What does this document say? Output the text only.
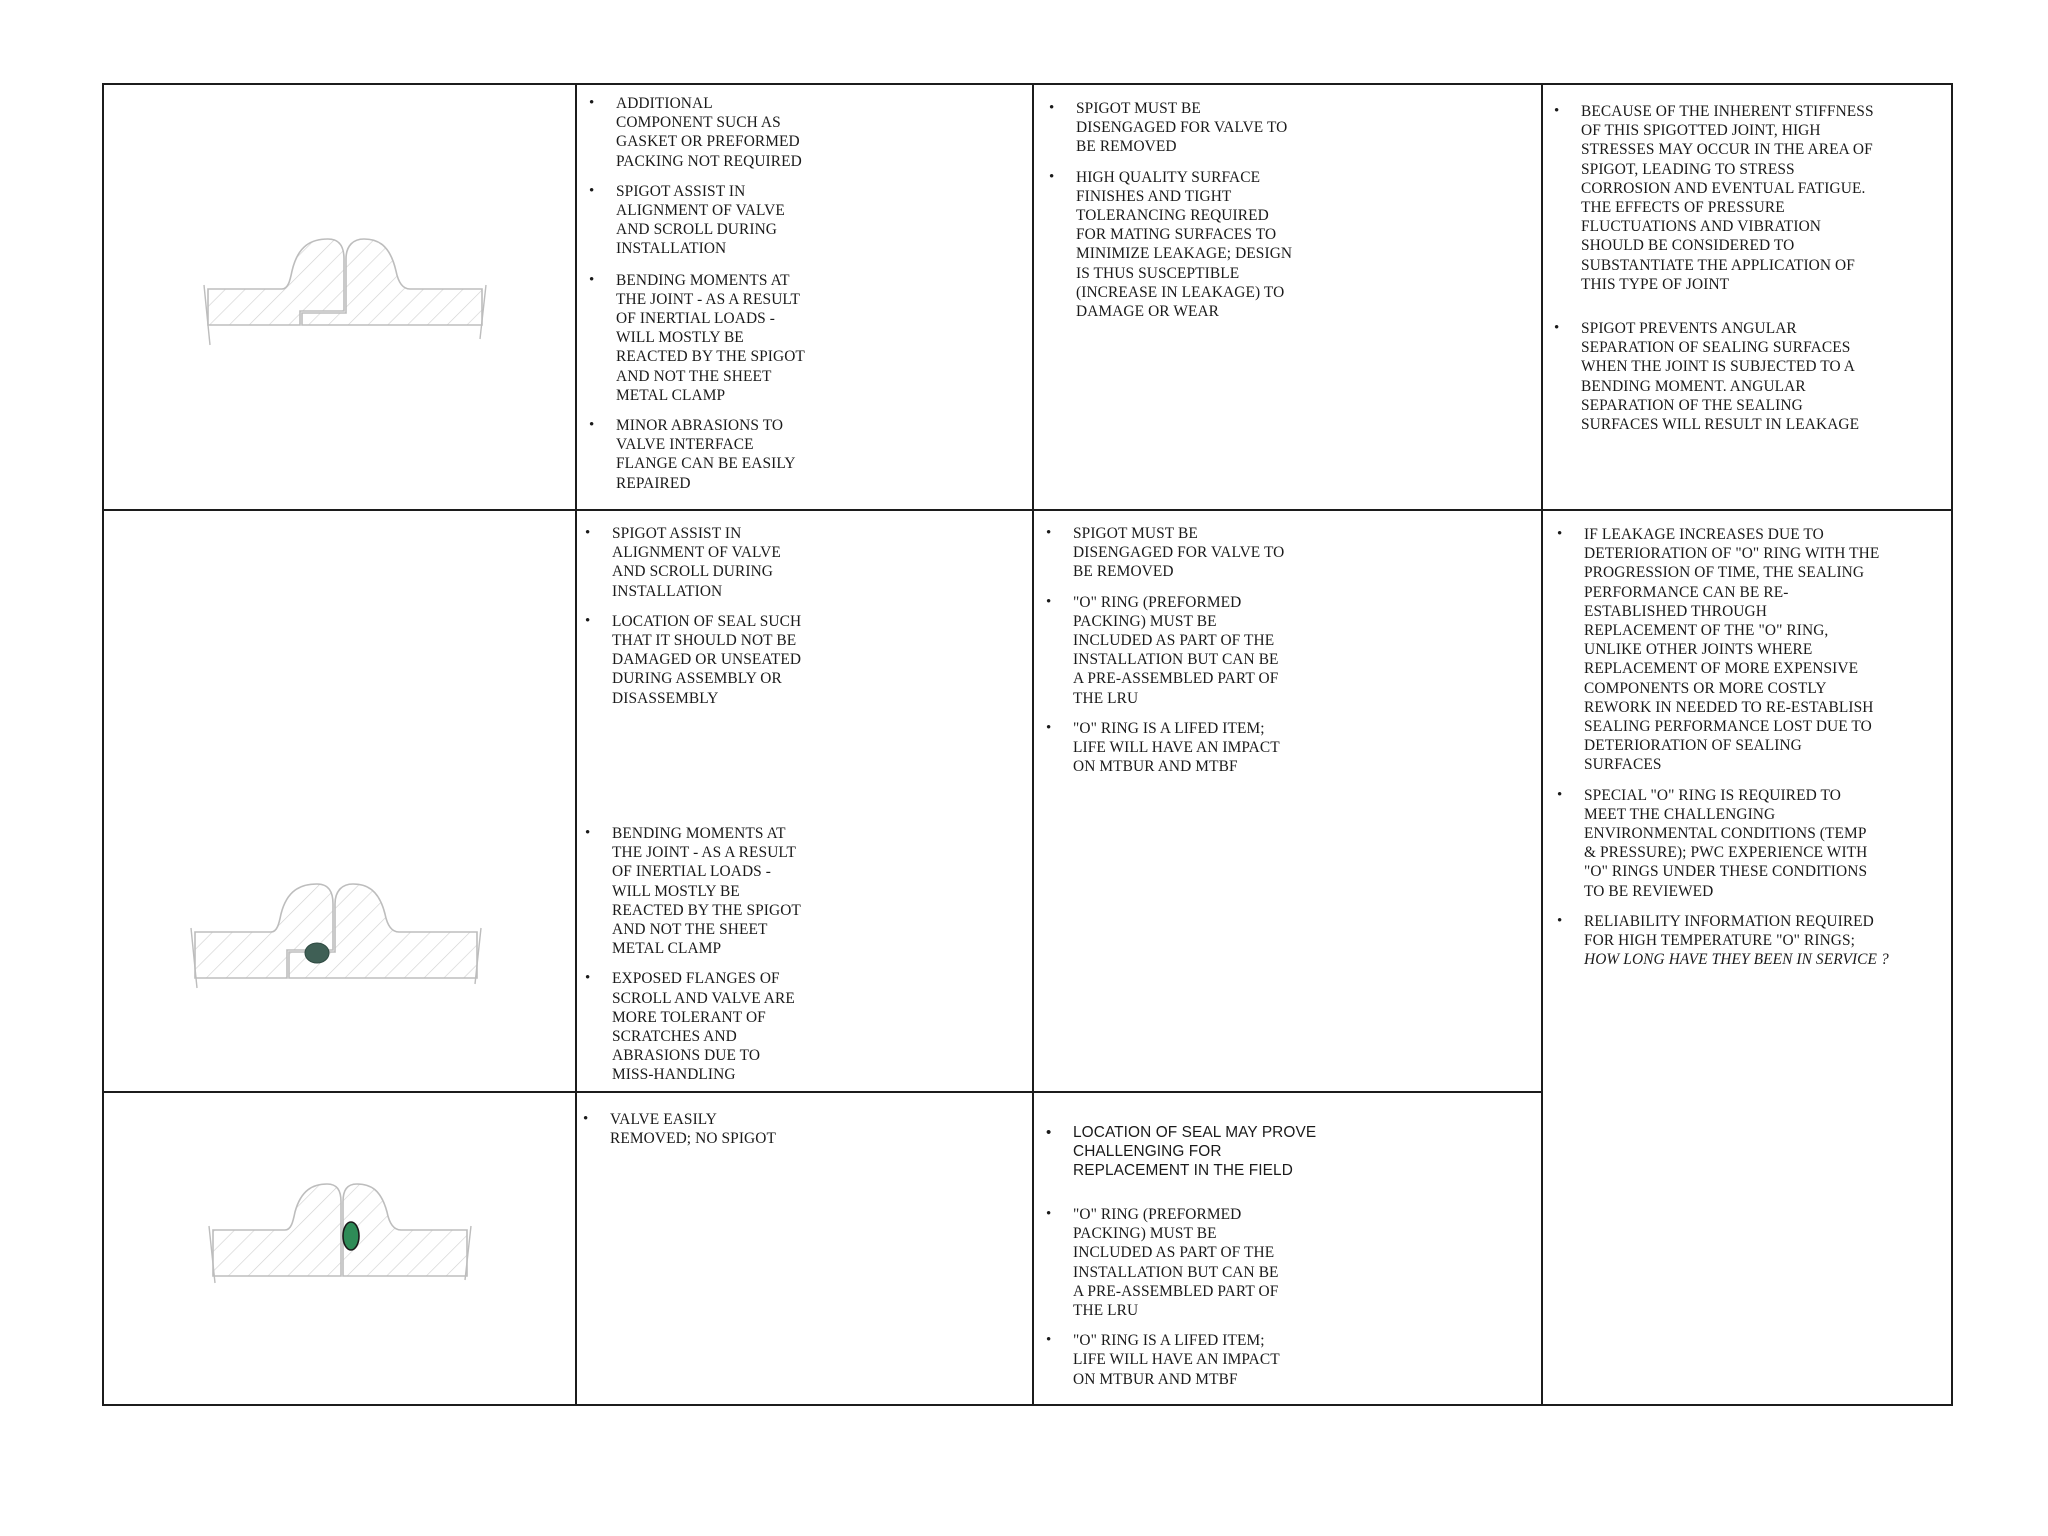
• ADDITIONAL
COMPONENT SUCH AS
GASKET OR PREFORMED
PACKING NOT REQUIRED
• SPIGOT ASSIST IN
ALIGNMENT OF VALVE
AND SCROLL DURING
INSTALLATION
• BENDING MOMENTS AT
THE JOINT - AS A RESULT
OF INERTIAL LOADS -
WILL MOSTLY BE
REACTED BY THE SPIGOT
AND NOT THE SHEET
METAL CLAMP
• MINOR ABRASIONS TO
VALVE INTERFACE
FLANGE CAN BE EASILY
REPAIRED
• SPIGOT MUST BE
DISENGAGED FOR VALVE TO
BE REMOVED
• HIGH QUALITY SURFACE
FINISHES AND TIGHT
TOLERANCING REQUIRED
FOR MATING SURFACES TO
MINIMIZE LEAKAGE; DESIGN
IS THUS SUSCEPTIBLE
(INCREASE IN LEAKAGE) TO
DAMAGE OR WEAR
• BECAUSE OF THE INHERENT STIFFNESS
OF THIS SPIGOTTED JOINT, HIGH
STRESSES MAY OCCUR IN THE AREA OF
SPIGOT, LEADING TO STRESS
CORROSION AND EVENTUAL FATIGUE.
THE EFFECTS OF PRESSURE
FLUCTUATIONS AND VIBRATION
SHOULD BE CONSIDERED TO
SUBSTANTIATE THE APPLICATION OF
THIS TYPE OF JOINT
• SPIGOT PREVENTS ANGULAR
SEPARATION OF SEALING SURFACES
WHEN THE JOINT IS SUBJECTED TO A
BENDING MOMENT. ANGULAR
SEPARATION OF THE SEALING
SURFACES WILL RESULT IN LEAKAGE
• SPIGOT ASSIST IN
ALIGNMENT OF VALVE
AND SCROLL DURING
INSTALLATION
• LOCATION OF SEAL SUCH
THAT IT SHOULD NOT BE
DAMAGED OR UNSEATED
DURING ASSEMBLY OR
DISASSEMBLY
• BENDING MOMENTS AT
THE JOINT - AS A RESULT
OF INERTIAL LOADS -
WILL MOSTLY BE
REACTED BY THE SPIGOT
AND NOT THE SHEET
METAL CLAMP
• EXPOSED FLANGES OF
SCROLL AND VALVE ARE
MORE TOLERANT OF
SCRATCHES AND
ABRASIONS DUE TO
MISS-HANDLING
• SPIGOT MUST BE
DISENGAGED FOR VALVE TO
BE REMOVED
• "O" RING (PREFORMED
PACKING) MUST BE
INCLUDED AS PART OF THE
INSTALLATION BUT CAN BE
A PRE-ASSEMBLED PART OF
THE LRU
• "O" RING IS A LIFED ITEM;
LIFE WILL HAVE AN IMPACT
ON MTBUR AND MTBF
• IF LEAKAGE INCREASES DUE TO
DETERIORATION OF "O" RING WITH THE
PROGRESSION OF TIME, THE SEALING
PERFORMANCE CAN BE RE-
ESTABLISHED THROUGH
REPLACEMENT OF THE "O" RING,
UNLIKE OTHER JOINTS WHERE
REPLACEMENT OF MORE EXPENSIVE
COMPONENTS OR MORE COSTLY
REWORK IN NEEDED TO RE-ESTABLISH
SEALING PERFORMANCE LOST DUE TO
DETERIORATION OF SEALING
SURFACES
• SPECIAL "O" RING IS REQUIRED TO
MEET THE CHALLENGING
ENVIRONMENTAL CONDITIONS (TEMP
& PRESSURE); PWC EXPERIENCE WITH
"O" RINGS UNDER THESE CONDITIONS
TO BE REVIEWED
• RELIABILITY INFORMATION REQUIRED
FOR HIGH TEMPERATURE "O" RINGS;
HOW LONG HAVE THEY BEEN IN SERVICE ?
• VALVE EASILY
REMOVED; NO SPIGOT	• LOCATION OF SEAL MAY PROVE
CHALLENGING FOR
REPLACEMENT IN THE FIELD
• "O" RING (PREFORMED
PACKING) MUST BE
INCLUDED AS PART OF THE
INSTALLATION BUT CAN BE
A PRE-ASSEMBLED PART OF
THE LRU
• "O" RING IS A LIFED ITEM;
LIFE WILL HAVE AN IMPACT
ON MTBUR AND MTBF
